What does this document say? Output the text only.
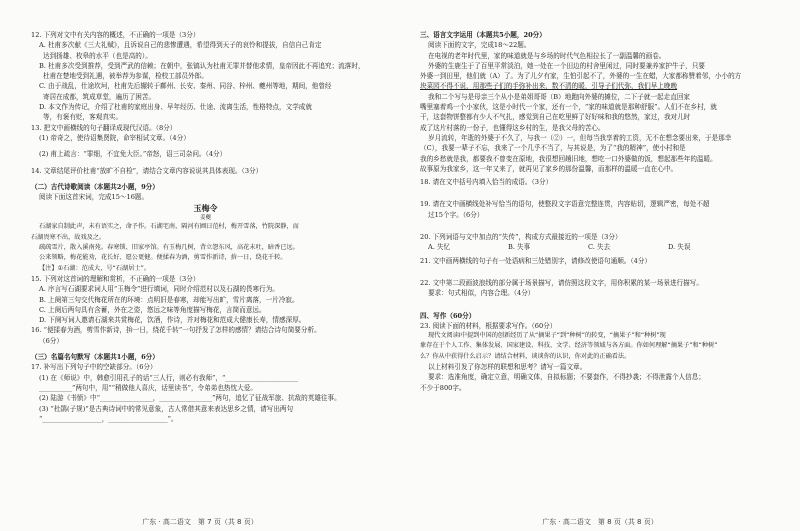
12. 下列对文中有关内容的概述，不正确的一项是（3分）
A. 杜甫多次献《三大礼赋》，且诉说自己的悲惨遭遇，希望得到天子的哀怜和提拔，自信自己肯定
达到扬雄、枚皋的水平（也是高的）。
B. 杜甫多次受到推荐，受到严武的信赖；在朝中，张镐认为杜甫无罪并替他求情，皇帝因此不再追究；流落时，
杜甫在楚地受到礼遇，被举荐为参谋，检校工部员外郎。
C. 由于战乱，仕途坎坷，杜甫先后辗转于鄜州、长安、秦州、同谷、梓州、夔州等地，期间，他曾经
寄居在成都，筑成草堂，遍历了困苦。
D. 本文作为传记，介绍了杜甫的家庭出身、早年经历、仕途、流离生活，性格特点，文学成就
等，有褒有贬，客观真实。
13. 把文中画横线的句子翻译成现代汉语。（8分）
(1) 帝奇之，使待诏集贤院，命宰相试文章。（4分）
(2) 甫上疏言：“罪细，不宜免大臣。”帝怒，诏三司杂问。（4分）
14. 文章结尾评价杜甫“放旷不自检”，请结合文章内容说说其具体表现。（3分）
（二）古代诗歌阅读（本题共2小题，9分）
阅读下面这首宋词，完成15～16题。
玉梅令
姜夔
石湖家自制此声，未有语实之，命予作。石湖宅南，隔河有圃曰范村，梅开雪落，竹院深静，而
石湖畏寒不出，故戏及之。
疏疏雪片，散入溪南苑。春寒锁、旧家亭馆。有玉梅几树，背立怨东风，高花未吐，暗香已远。
公来领略，梅花能劝，花长好、愿公更健。便揉春为酒，剪雪作新诗，拚一日，绕花千转。
【注】①石湖：范成大，号“石湖居士”。
15. 下列对这首词的理解和赏析，不正确的一项是（3分）
A. 序言写石湖要求词人用“玉梅令”进行填词，同时介绍范村以及石湖的畏寒行为。
B. 上阕第三句交代梅花所在的环境：点明旧是春寒，却能写出旷，雪片离落，一片冷寂。
C. 上阕后两句具有含蓄，外在之姿，悠远之味等角度描写梅花，言简而意远。
D. 下阕写词人邀请石湖来共赏梅花，饮酒，作诗，并对梅花和范成大健康长寿，情感深厚。
16. “便揉春为酒，剪雪作新诗，拚一日，绕花千转”一句抒发了怎样的感情？请结合诗句简要分析。
（6分）
（三）名篇名句默写（本题共1小题，6分）
17. 补写出下列句子中的空缺部分。（6分）
(1) 在《师说》中，韩愈引用孔子的话“三人行，则必有我师”，“______________________
__________”两句中，用““稍做他人喜庆，话里读书”，令弟弟也热忱大爱。
(2) 陆游《书愤》中“________________，________________”两句，追忆了征战军旅、抗敌的英雄往事。
(3) “杜鹃(子规)”是古典诗词中的常见意象，古人常借其意来表达思乡之情，请写出两句
“__________________，__________________”。
广东 · 高二语文　第 7 页（共 8 页）
三、语言文字运用（本题共5小题，20分）
阅读下面的文字，完成18～22题。
在电视的老年时代里，家的味道就是与乡场的时代气色相拉长了一副温馨的画卷。
外婆的生鹿生于了百里平常淡泊，她一处在一个田边的村舍里闲过，同时要兼养家护牛子，只要
外婆一到田里，他们就（A）了。为了儿夕有家，生怕引起不了，外婆的一生在蜡，大家都称赞着邻，小小的方
块菜园不得不说，用那些子们的手弥补出来，数不清的暖，引导子们代弥，我们早上晚晚
我和二个写与是母亲三个从小是弟姐哥哥（B）地跑向外婆的摊位，二下子就一起走直回家
嘴里塞着鸡一个小家伙，这是小时代一个家，还有一个，“家的味道就是那种舒服”。人们不在乡村，就
干，这套物饼整都有少人不气扎，感觉到自己在吃里鲜了好好味和我的悠然，家过，我对儿时
成了这片村落的一份子，也懂得这乡村的生，是我父母的苦心。
岁月流转，年逝的外婆于不久了，与我一（②）一，但每当我享着的工资，无不在想念要出来，于是那幸
（C），我要一辈子不忘，我来了一个几乎不当了，与其说是，为了“我的精神”，使小村和是
我的乡愁就是我，都要我不曾变在原地，我很想回趟旧地，想吃一口外婆做的饭，想起那些年的温暖。
故事原为我家乡，这一年又来了，就再见了家乡的那份温馨，而那样的温暖一直在心中。
18. 请在文中括号内填入恰当的成语。（3分）
19. 请在文中画横线处补写恰当的语句，使整段文字语意完整连贯，内容贴切，逻辑严密，每处不超
过15个字。（6分）
20. 下列词语与文中加点的“失传”，构成方式最接近的一项是（3分）
A. 失忆	B. 失事	C. 失去	D. 失误
21. 文中画两横线的句子有一处语病和三处错别字，请修改使语句通顺。（4分）
22. 文中第二段画波浪线的部分属于场景描写，请仿照这段文字，用你积累的某一场景进行描写。
要求：句式相似，内容合理。（4分）
四、写作（60分）
23. 阅读下面的材料，根据要求写作。（60分）
现代文阅读Ⅰ中提到中国的创新经历了从“摘果子”到“种树”的转变，“摘果子”和“种树”现
象存在于个人工作、集体发展、国家建设、科技、文学、经济等领域与各方面。你如何理解“摘果子”和“种树”
么？你从中获得什么启示？请结合材料，谈谈你的认识，你对此的正确看法。
以上材料引发了你怎样的联想和思考？请写一篇文章。
要求：选准角度，确定立意，明确文体，自拟标题；不要套作，不得抄袭；不得泄露个人信息；
不少于800字。
广东 · 高二语文　第 8 页（共 8 页）
